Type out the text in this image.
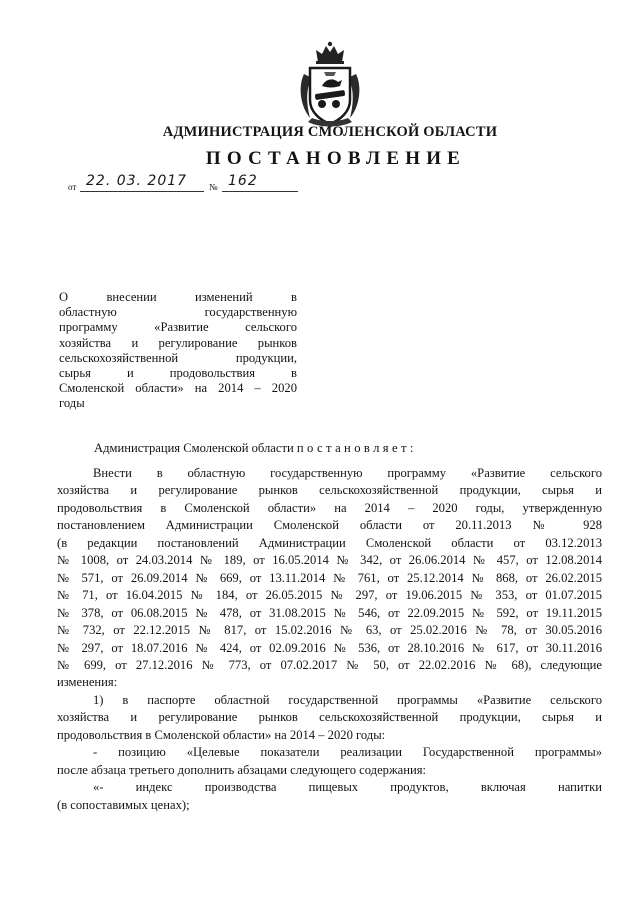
АДМИНИСТРАЦИЯ СМОЛЕНСКОЙ ОБЛАСТИ
ПОСТАНОВЛЕНИЕ
от 22. 03. 2017 № 162
О внесении изменений в
областную государственную
программу «Развитие сельского
хозяйства и регулирование рынков
сельскохозяйственной продукции,
сырья и продовольствия в
Смоленской области» на 2014 – 2020
годы
Администрация Смоленской области постановляет:
Внести в областную государственную программу «Развитие сельского
хозяйства и регулирование рынков сельскохозяйственной продукции, сырья и
продовольствия в Смоленской области» на 2014 – 2020 годы, утвержденную
постановлением Администрации Смоленской области от 20.11.2013 № 928
(в редакции постановлений Администрации Смоленской области от 03.12.2013
№ 1008, от 24.03.2014 № 189, от 16.05.2014 № 342, от 26.06.2014 № 457, от 12.08.2014
№ 571, от 26.09.2014 № 669, от 13.11.2014 № 761, от 25.12.2014 № 868, от 26.02.2015
№ 71, от 16.04.2015 № 184, от 26.05.2015 № 297, от 19.06.2015 № 353, от 01.07.2015
№ 378, от 06.08.2015 № 478, от 31.08.2015 № 546, от 22.09.2015 № 592, от 19.11.2015
№ 732, от 22.12.2015 № 817, от 15.02.2016 № 63, от 25.02.2016 № 78, от 30.05.2016
№ 297, от 18.07.2016 № 424, от 02.09.2016 № 536, от 28.10.2016 № 617, от 30.11.2016
№ 699, от 27.12.2016 № 773, от 07.02.2017 № 50, от 22.02.2016 № 68), следующие
изменения:
1) в паспорте областной государственной программы «Развитие сельского
хозяйства и регулирование рынков сельскохозяйственной продукции, сырья и
продовольствия в Смоленской области» на 2014 – 2020 годы:
- позицию «Целевые показатели реализации Государственной программы»
после абзаца третьего дополнить абзацами следующего содержания:
«- индекс производства пищевых продуктов, включая напитки
(в сопоставимых ценах);
